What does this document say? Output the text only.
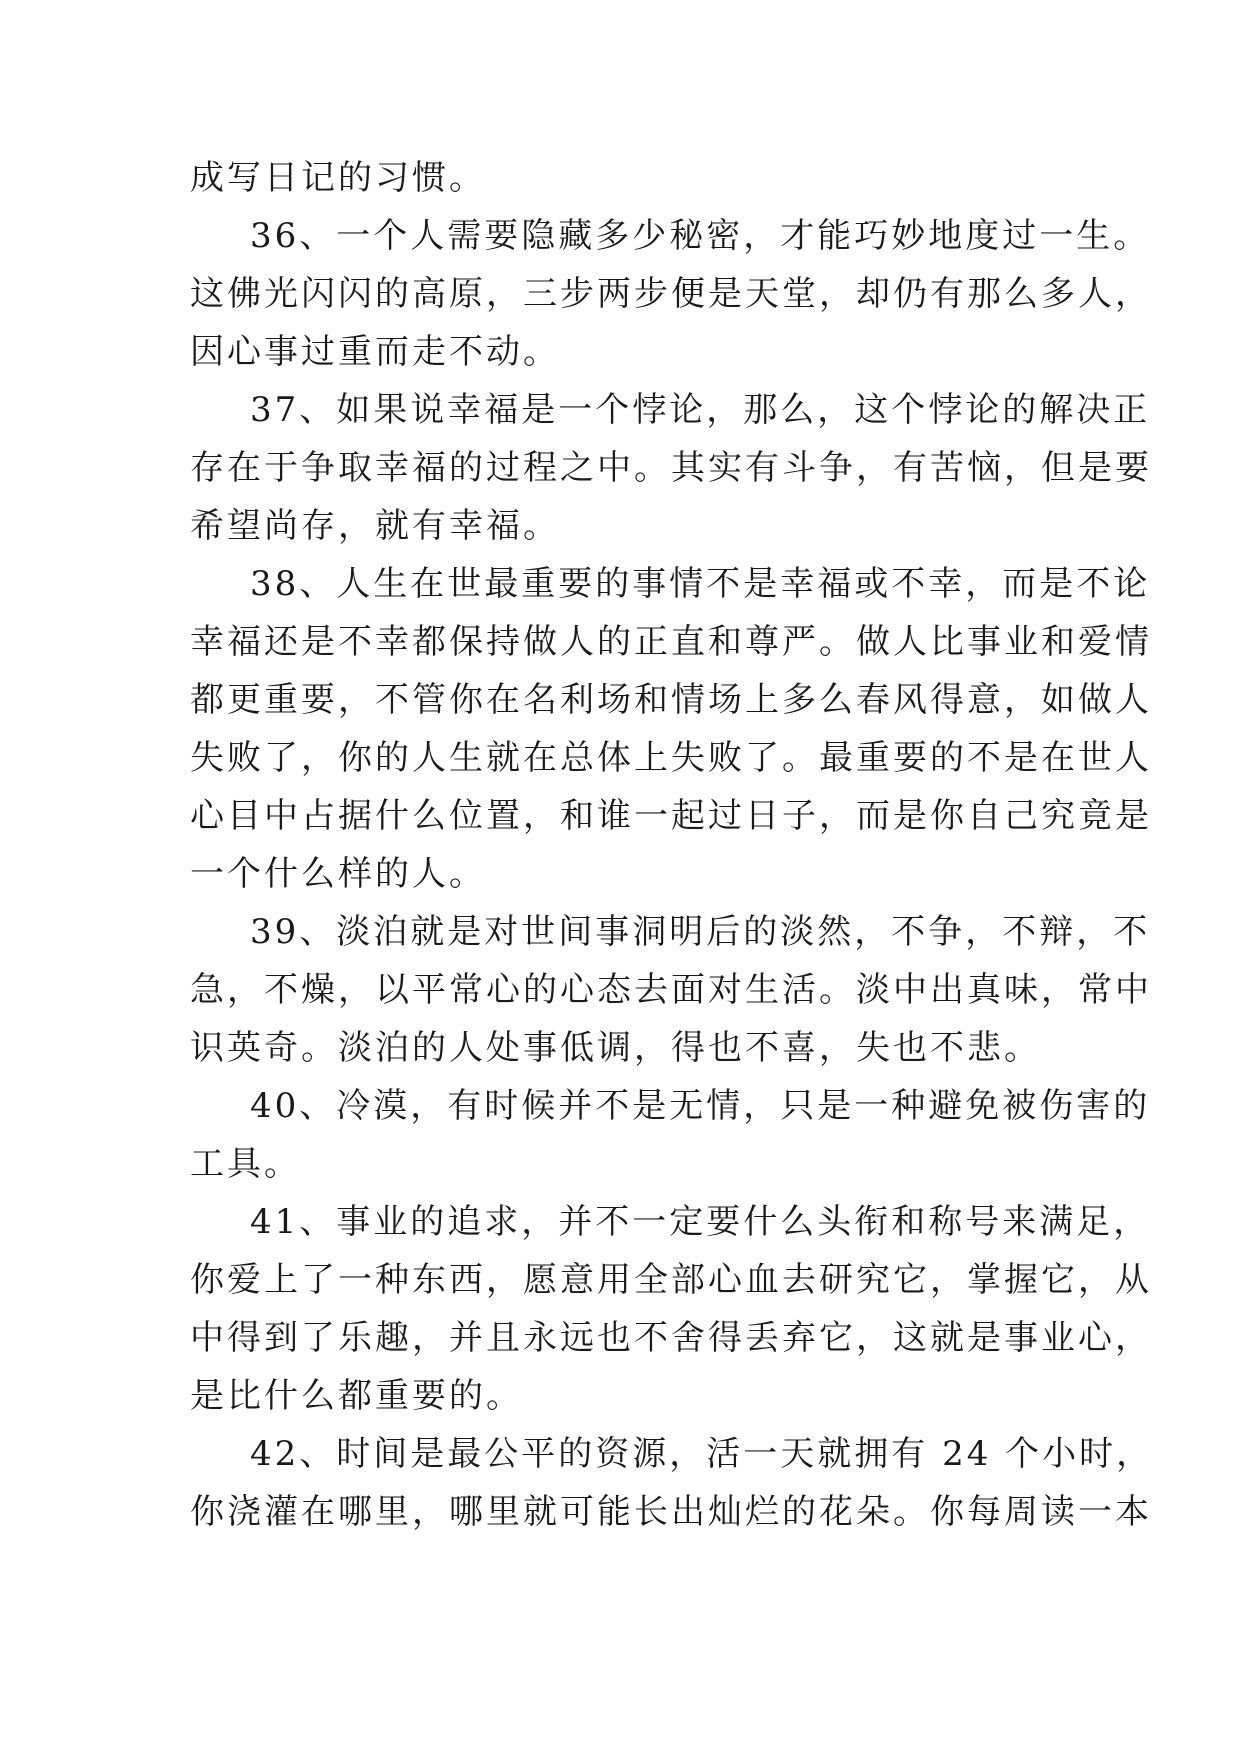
成写日记的习惯。
36、一个人需要隐藏多少秘密，才能巧妙地度过一生。
这佛光闪闪的高原，三步两步便是天堂，却仍有那么多人，
因心事过重而走不动。
37、如果说幸福是一个悖论，那么，这个悖论的解决正
存在于争取幸福的过程之中。其实有斗争，有苦恼，但是要
希望尚存，就有幸福。
38、人生在世最重要的事情不是幸福或不幸，而是不论
幸福还是不幸都保持做人的正直和尊严。做人比事业和爱情
都更重要，不管你在名利场和情场上多么春风得意，如做人
失败了，你的人生就在总体上失败了。最重要的不是在世人
心目中占据什么位置，和谁一起过日子，而是你自己究竟是
一个什么样的人。
39、淡泊就是对世间事洞明后的淡然，不争，不辩，不
急，不燥，以平常心的心态去面对生活。淡中出真味，常中
识英奇。淡泊的人处事低调，得也不喜，失也不悲。
40、冷漠，有时候并不是无情，只是一种避免被伤害的
工具。
41、事业的追求，并不一定要什么头衔和称号来满足，
你爱上了一种东西，愿意用全部心血去研究它，掌握它，从
中得到了乐趣，并且永远也不舍得丢弃它，这就是事业心，
是比什么都重要的。
42、时间是最公平的资源，活一天就拥有 24 个小时，
你浇灌在哪里，哪里就可能长出灿烂的花朵。你每周读一本
